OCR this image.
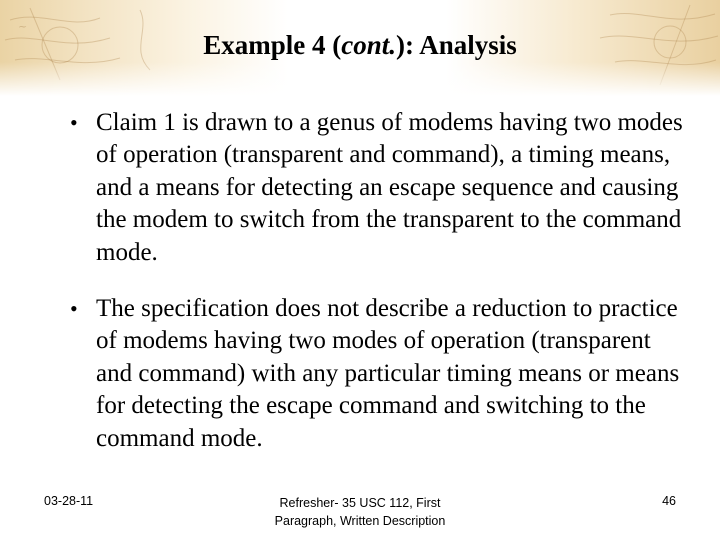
~
Example 4 (cont.): Analysis
• Claim 1 is drawn to a genus of modems having two modes of operation (transparent and command), a timing means, and a means for detecting an escape sequence and causing the modem to switch from the transparent to the command mode.
• The specification does not describe a reduction to practice of modems having two modes of operation (transparent and command) with any particular timing means or means for detecting the escape command and switching to the command mode.
03-28-11	Refresher- 35 USC 112, First
Paragraph, Written Description
46
